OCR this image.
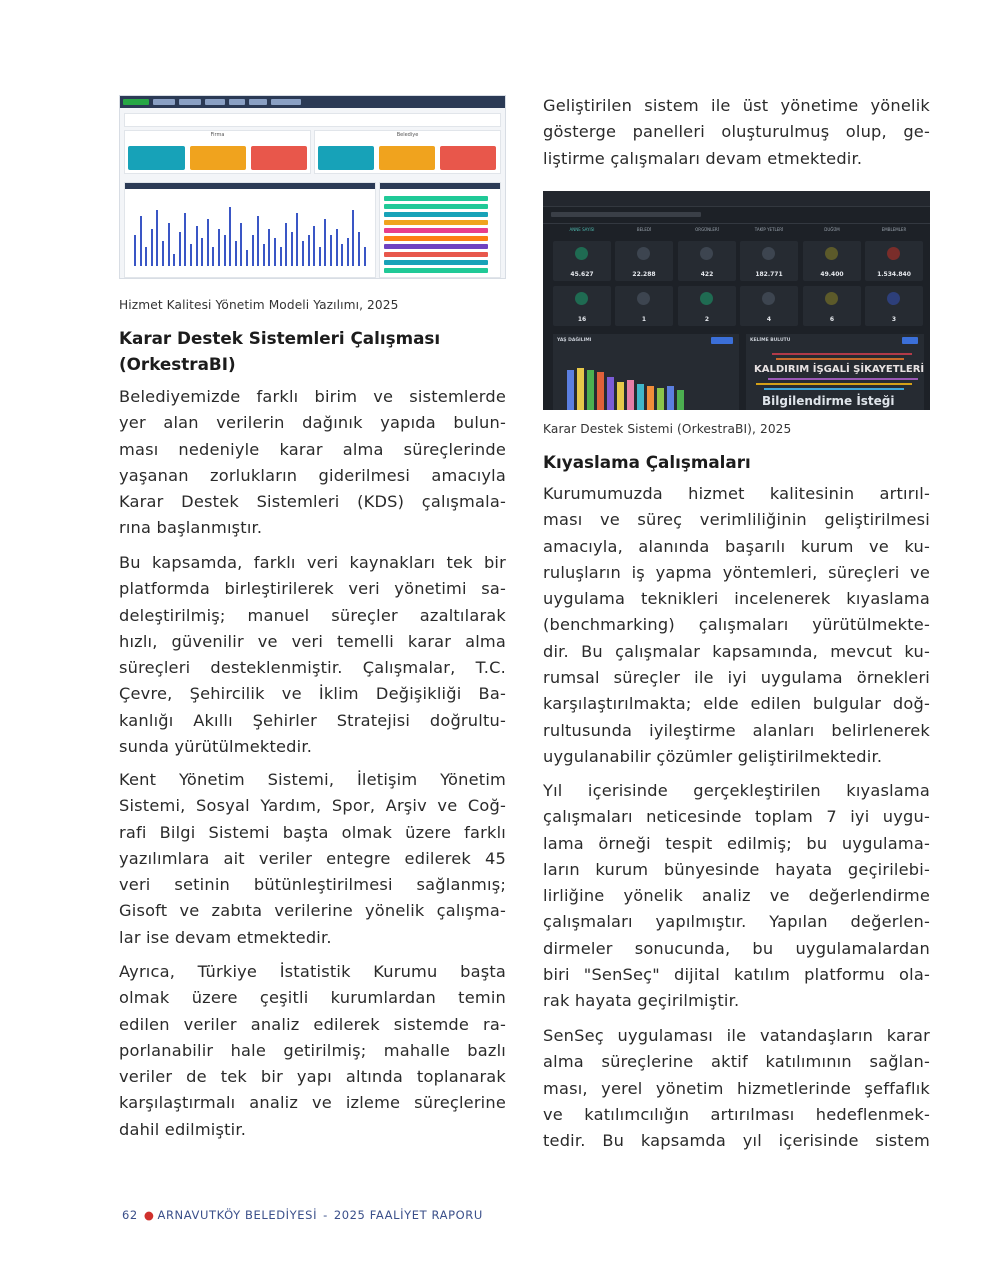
Firma	Belediye
Hizmet Kalitesi Yönetim Modeli Yazılımı, 2025
Karar Destek Sistemleri Çalışması
(OrkestraBI)
Belediyemizde farklı birim ve sistemlerde
yer alan verilerin dağınık yapıda bulun-
ması nedeniyle karar alma süreçlerinde
yaşanan zorlukların giderilmesi amacıyla
Karar Destek Sistemleri (KDS) çalışmala-
rına başlanmıştır.
Bu kapsamda, farklı veri kaynakları tek bir
platformda birleştirilerek veri yönetimi sa-
deleştirilmiş; manuel süreçler azaltılarak
hızlı, güvenilir ve veri temelli karar alma
süreçleri desteklenmiştir. Çalışmalar, T.C.
Çevre, Şehircilik ve İklim Değişikliği Ba-
kanlığı Akıllı Şehirler Stratejisi doğrultu-
sunda yürütülmektedir.
Kent Yönetim Sistemi, İletişim Yönetim
Sistemi, Sosyal Yardım, Spor, Arşiv ve Coğ-
rafi Bilgi Sistemi başta olmak üzere farklı
yazılımlara ait veriler entegre edilerek 45
veri setinin bütünleştirilmesi sağlanmış;
Gisoft ve zabıta verilerine yönelik çalışma-
lar ise devam etmektedir.
Ayrıca, Türkiye İstatistik Kurumu başta
olmak üzere çeşitli kurumlardan temin
edilen veriler analiz edilerek sistemde ra-
porlanabilir hale getirilmiş; mahalle bazlı
veriler de tek bir yapı altında toplanarak
karşılaştırmalı analiz ve izleme süreçlerine
dahil edilmiştir.
Geliştirilen sistem ile üst yönetime yönelik
gösterge panelleri oluşturulmuş olup, ge-
liştirme çalışmaları devam etmektedir.
ANNE SAYISI	BELEDİ	ORGÜNLERİ	TAKİP YETLERİ	DUĞÜM	EMBLEMLER
45.627	22.288	422	182.771	49.400	1.534.840
16	1	2	4	6	3
YAŞ DAĞILIMI	KELİME BULUTU
KALDIRIM İŞGALİ ŞİKAYETLERİ
Bilgilendirme İsteği
Karar Destek Sistemi (OrkestraBI), 2025
Kıyaslama Çalışmaları
Kurumumuzda hizmet kalitesinin artırıl-
ması ve süreç verimliliğinin geliştirilmesi
amacıyla, alanında başarılı kurum ve ku-
ruluşların iş yapma yöntemleri, süreçleri ve
uygulama teknikleri incelenerek kıyaslama
(benchmarking) çalışmaları yürütülmekte-
dir. Bu çalışmalar kapsamında, mevcut ku-
rumsal süreçler ile iyi uygulama örnekleri
karşılaştırılmakta; elde edilen bulgular doğ-
rultusunda iyileştirme alanları belirlenerek
uygulanabilir çözümler geliştirilmektedir.
Yıl içerisinde gerçekleştirilen kıyaslama
çalışmaları neticesinde toplam 7 iyi uygu-
lama örneği tespit edilmiş; bu uygulama-
ların kurum bünyesinde hayata geçirilebi-
lirliğine yönelik analiz ve değerlendirme
çalışmaları yapılmıştır. Yapılan değerlen-
dirmeler sonucunda, bu uygulamalardan
biri "SenSeç" dijital katılım platformu ola-
rak hayata geçirilmiştir.
SenSeç uygulaması ile vatandaşların karar
alma süreçlerine aktif katılımının sağlan-
ması, yerel yönetim hizmetlerinde şeffaflık
ve katılımcılığın artırılması hedeflenmek-
tedir. Bu kapsamda yıl içerisinde sistem
62 ● ARNAVUTKÖY BELEDİYESİ - 2025 FAALİYET RAPORU
